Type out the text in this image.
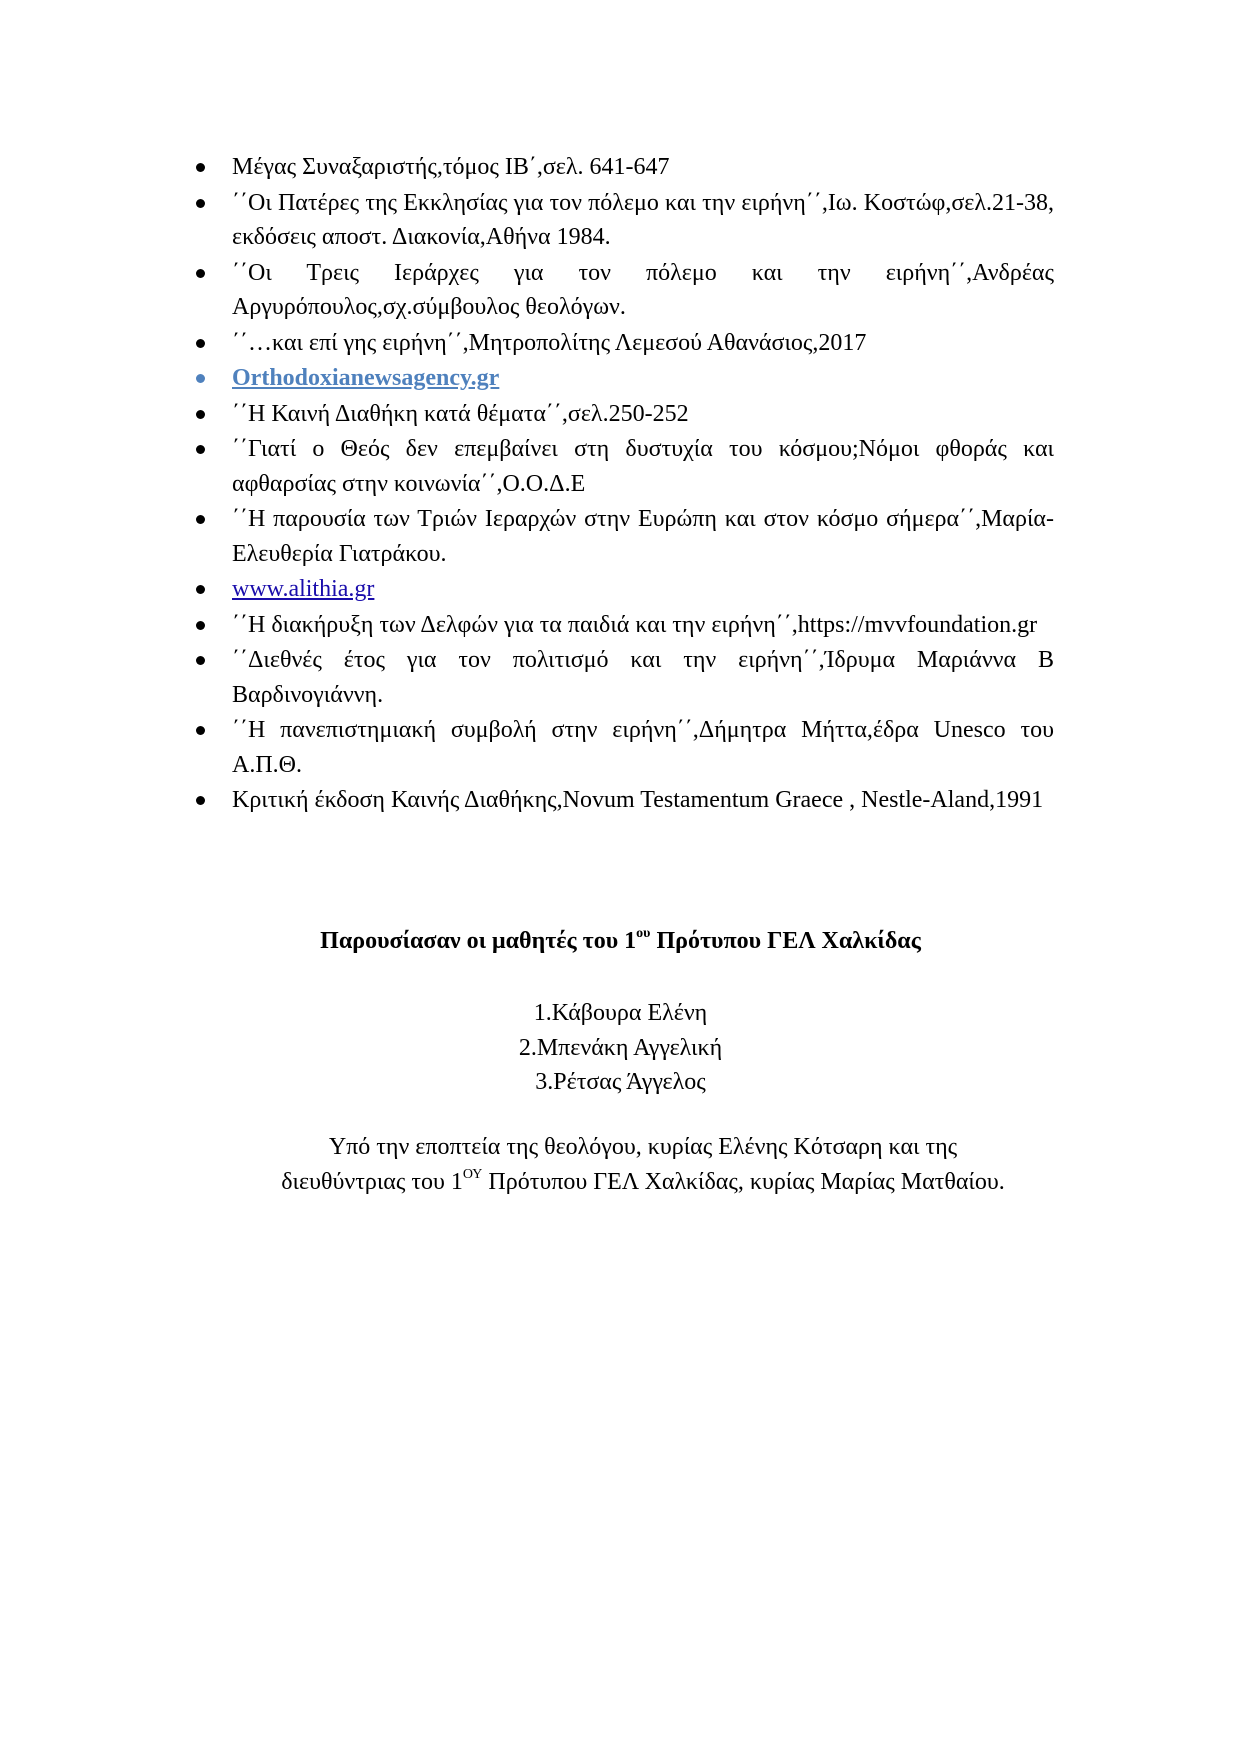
Μέγας Συναξαριστής,τόμος ΙΒ΄,σελ. 641-647
΄΄Οι Πατέρες της Εκκλησίας για τον πόλεμο και την ειρήνη΄΄,Ιω. Κοστώφ,σελ.21-38, εκδόσεις αποστ. Διακονία,Αθήνα 1984.
΄΄Οι Τρεις Ιεράρχες για τον πόλεμο και την ειρήνη΄΄,Ανδρέας Αργυρόπουλος,σχ.σύμβουλος θεολόγων.
΄΄…και επί γης ειρήνη΄΄,Μητροπολίτης Λεμεσού Αθανάσιος,2017
Orthodoxianewsagency.gr
΄΄Η Καινή Διαθήκη κατά θέματα΄΄,σελ.250-252
΄΄Γιατί ο Θεός δεν επεμβαίνει στη δυστυχία του κόσμου;Νόμοι φθοράς και αφθαρσίας στην κοινωνία΄΄,Ο.Ο.Δ.Ε
΄΄Η παρουσία των Τριών Ιεραρχών στην Ευρώπη και στον κόσμο σήμερα΄΄,Μαρία-Ελευθερία Γιατράκου.
www.alithia.gr
΄΄Η διακήρυξη των Δελφών για τα παιδιά και την ειρήνη΄΄,https://mvvfoundation.gr
΄΄Διεθνές έτος για τον πολιτισμό και την ειρήνη΄΄,Ίδρυμα Μαριάννα Β Βαρδινογιάννη.
΄΄Η πανεπιστημιακή συμβολή στην ειρήνη΄΄,Δήμητρα Μήττα,έδρα Unesco του Α.Π.Θ.
Κριτική έκδοση Καινής Διαθήκης,Novum Testamentum Graece , Nestle-Aland,1991
Παρουσίασαν οι μαθητές του $1^{o\upsilon}$ Πρότυπου ΓΕΛ Χαλκίδας
1.Κάβουρα Ελένη
2.Μπενάκη Αγγελική
3.Ρέτσας Άγγελος
Υπό την εποπτεία της θεολόγου, κυρίας Ελένης Κότσαρη και της
διευθύντριας του $1^{O\Upsilon}$ Πρότυπου ΓΕΛ Χαλκίδας, κυρίας Μαρίας Ματθαίου.
